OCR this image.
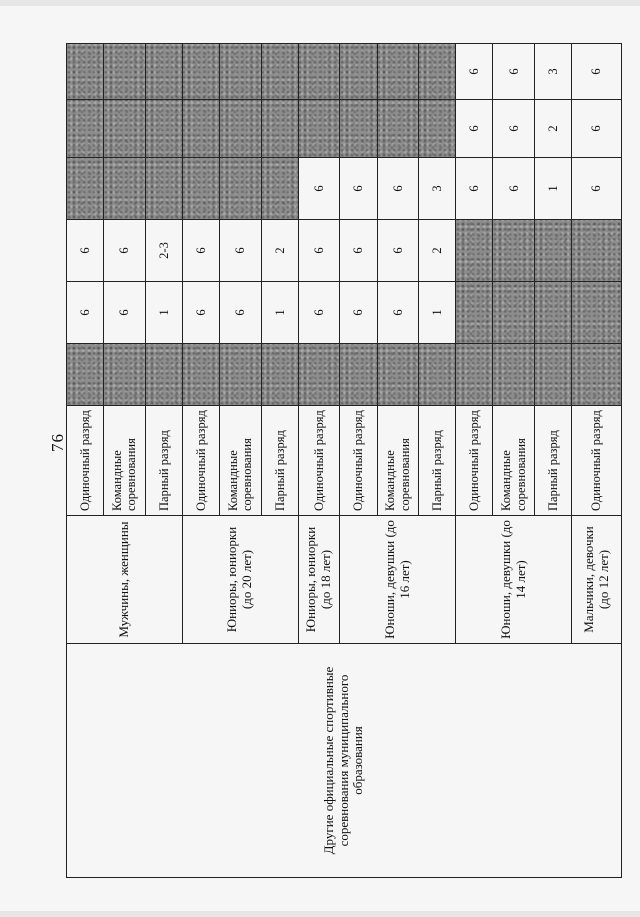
76
Другие официальные спортивные соревнования муниципального образования	Мужчины, женщины	Одиночный разряд		6	6			
		Командные соревнования		6	6			
		Парный разряд		1	2-3			
	Юниоры, юниорки (до 20 лет)	Одиночный разряд		6	6			
		Командные соревнования		6	6			
		Парный разряд		1	2			
	Юниоры, юниорки (до 18 лет)	Одиночный разряд		6	6	6		
	Юноши, девушки (до 16 лет)	Одиночный разряд		6	6	6		
		Командные соревнования		6	6	6		
		Парный разряд		1	2	3		
	Юноши, девушки (до 14 лет)	Одиночный разряд				6	6	6
		Командные соревнования				6	6	6
		Парный разряд				1	2	3
	Мальчики, девочки (до 12 лет)	Одиночный разряд				6	6	6
